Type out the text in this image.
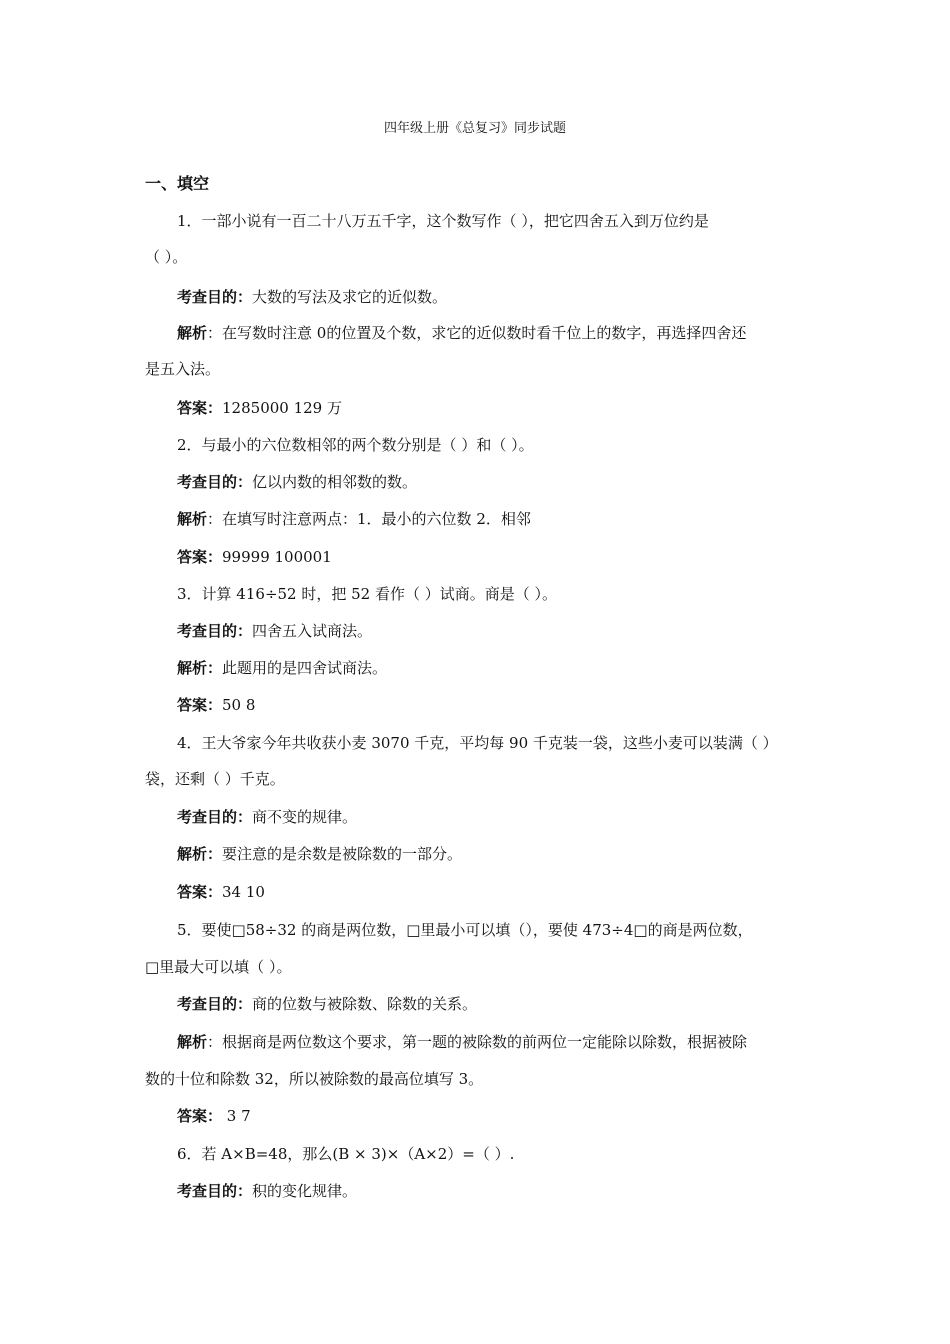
四年级上册《总复习》同步试题
一、填空
1．一部小说有一百二十八万五千字，这个数写作（ ），把它四舍五入到万位约是
（ ）。
考查目的：大数的写法及求它的近似数。
解析：在写数时注意 0的位置及个数，求它的近似数时看千位上的数字，再选择四舍还
是五入法。
答案：1285000 129 万
2．与最小的六位数相邻的两个数分别是（ ）和（ ）。
考查目的：亿以内数的相邻数的数。
解析：在填写时注意两点：1．最小的六位数 2．相邻
答案：99999 100001
3．计算 416÷52 时，把 52 看作（ ）试商。商是（ ）。
考查目的：四舍五入试商法。
解析：此题用的是四舍试商法。
答案：50 8
4．王大爷家今年共收获小麦 3070 千克，平均每 90 千克装一袋，这些小麦可以装满（ ）
袋，还剩（ ）千克。
考查目的：商不变的规律。
解析：要注意的是余数是被除数的一部分。
答案：34 10
5．要使□58÷32 的商是两位数，□里最小可以填（），要使 473÷4□的商是两位数，
□里最大可以填（ ）。
考查目的：商的位数与被除数、除数的关系。
解析：根据商是两位数这个要求，第一题的被除数的前两位一定能除以除数，根据被除
数的十位和除数 32，所以被除数的最高位填写 3。
答案： 3 7
6．若 A×B=48，那么(B × 3)×（A×2）=（ ）.
考查目的：积的变化规律。
